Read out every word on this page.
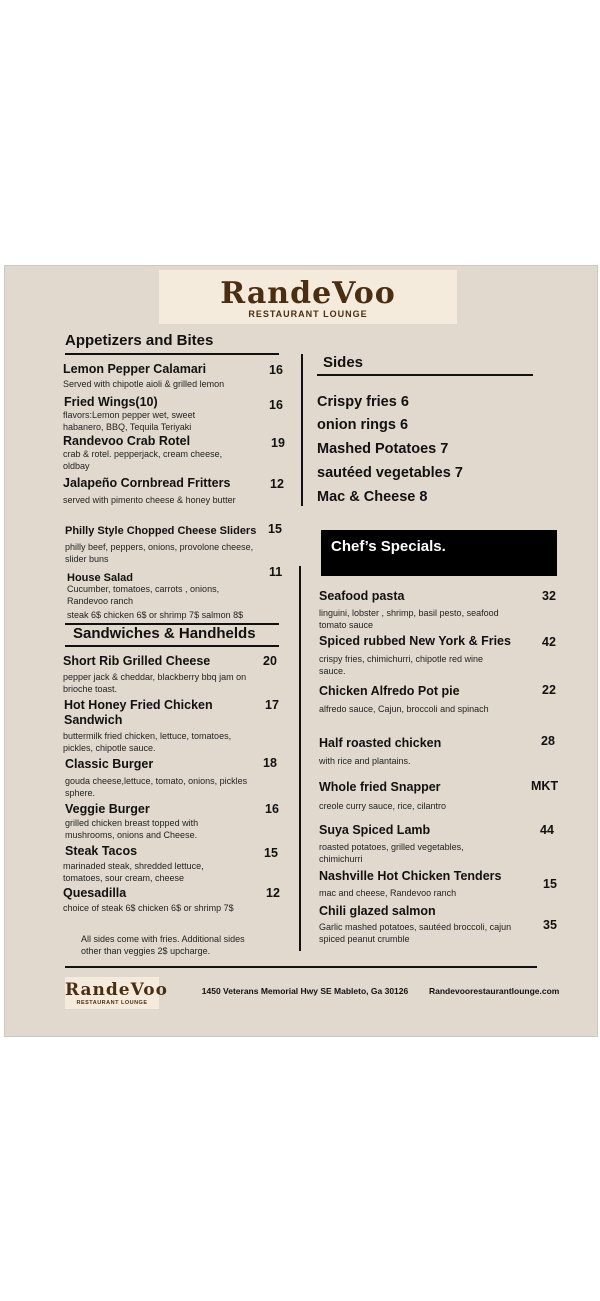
RandeVoo
RESTAURANT LOUNGE
Appetizers and Bites
Lemon Pepper Calamari	16
Served with chipotle aioli & grilled lemon
Fried Wings(10)	16
flavors:Lemon pepper wet, sweet habanero, BBQ, Tequila Teriyaki
Randevoo Crab Rotel	19
crab & rotel. pepperjack, cream cheese, oldbay
Jalapeño Cornbread Fritters	12
served with pimento cheese & honey butter
Philly Style Chopped Cheese Sliders 15
philly beef, peppers, onions, provolone cheese, slider buns
House Salad	11
Cucumber, tomatoes, carrots , onions, Randevoo ranch
steak 6$ chicken 6$ or shrimp 7$ salmon 8$
Sandwiches & Handhelds
Short Rib Grilled Cheese	20
pepper jack & cheddar, blackberry bbq jam on brioche toast.
Hot Honey Fried Chicken Sandwich
17
buttermilk fried chicken, lettuce, tomatoes, pickles, chipotle sauce.
Classic Burger	18
gouda cheese,lettuce, tomato, onions, pickles sphere.
Veggie Burger	16
grilled chicken breast topped with mushrooms, onions and Cheese.
Steak Tacos	15
marinaded steak, shredded lettuce, tomatoes, sour cream, cheese
Quesadilla	12
choice of steak 6$ chicken 6$ or shrimp 7$
All sides come with fries. Additional sides other than veggies 2$ upcharge.
Sides
Crispy fries 6
onion rings 6
Mashed Potatoes 7
sautéed vegetables 7
Mac & Cheese 8
Chef’s Specials.
Seafood pasta	32
linguini, lobster , shrimp, basil pesto, seafood tomato sauce
Spiced rubbed New York & Fries 42
crispy fries, chimichurri, chipotle red wine sauce.
Chicken Alfredo Pot pie	22
alfredo sauce, Cajun, broccoli and spinach
Half roasted chicken	28
with rice and plantains.
Whole fried Snapper	MKT
creole curry sauce, rice, cilantro
Suya Spiced Lamb	44
roasted potatoes, grilled vegetables, chimichurri
Nashville Hot Chicken Tenders
15
mac and cheese, Randevoo ranch
Chili glazed salmon
35
Garlic mashed potatoes, sautéed broccoli, cajun spiced peanut crumble
RandeVoo
RESTAURANT LOUNGE
1450 Veterans Memorial Hwy SE Mableto, Ga 30126	Randevoorestaurantlounge.com
